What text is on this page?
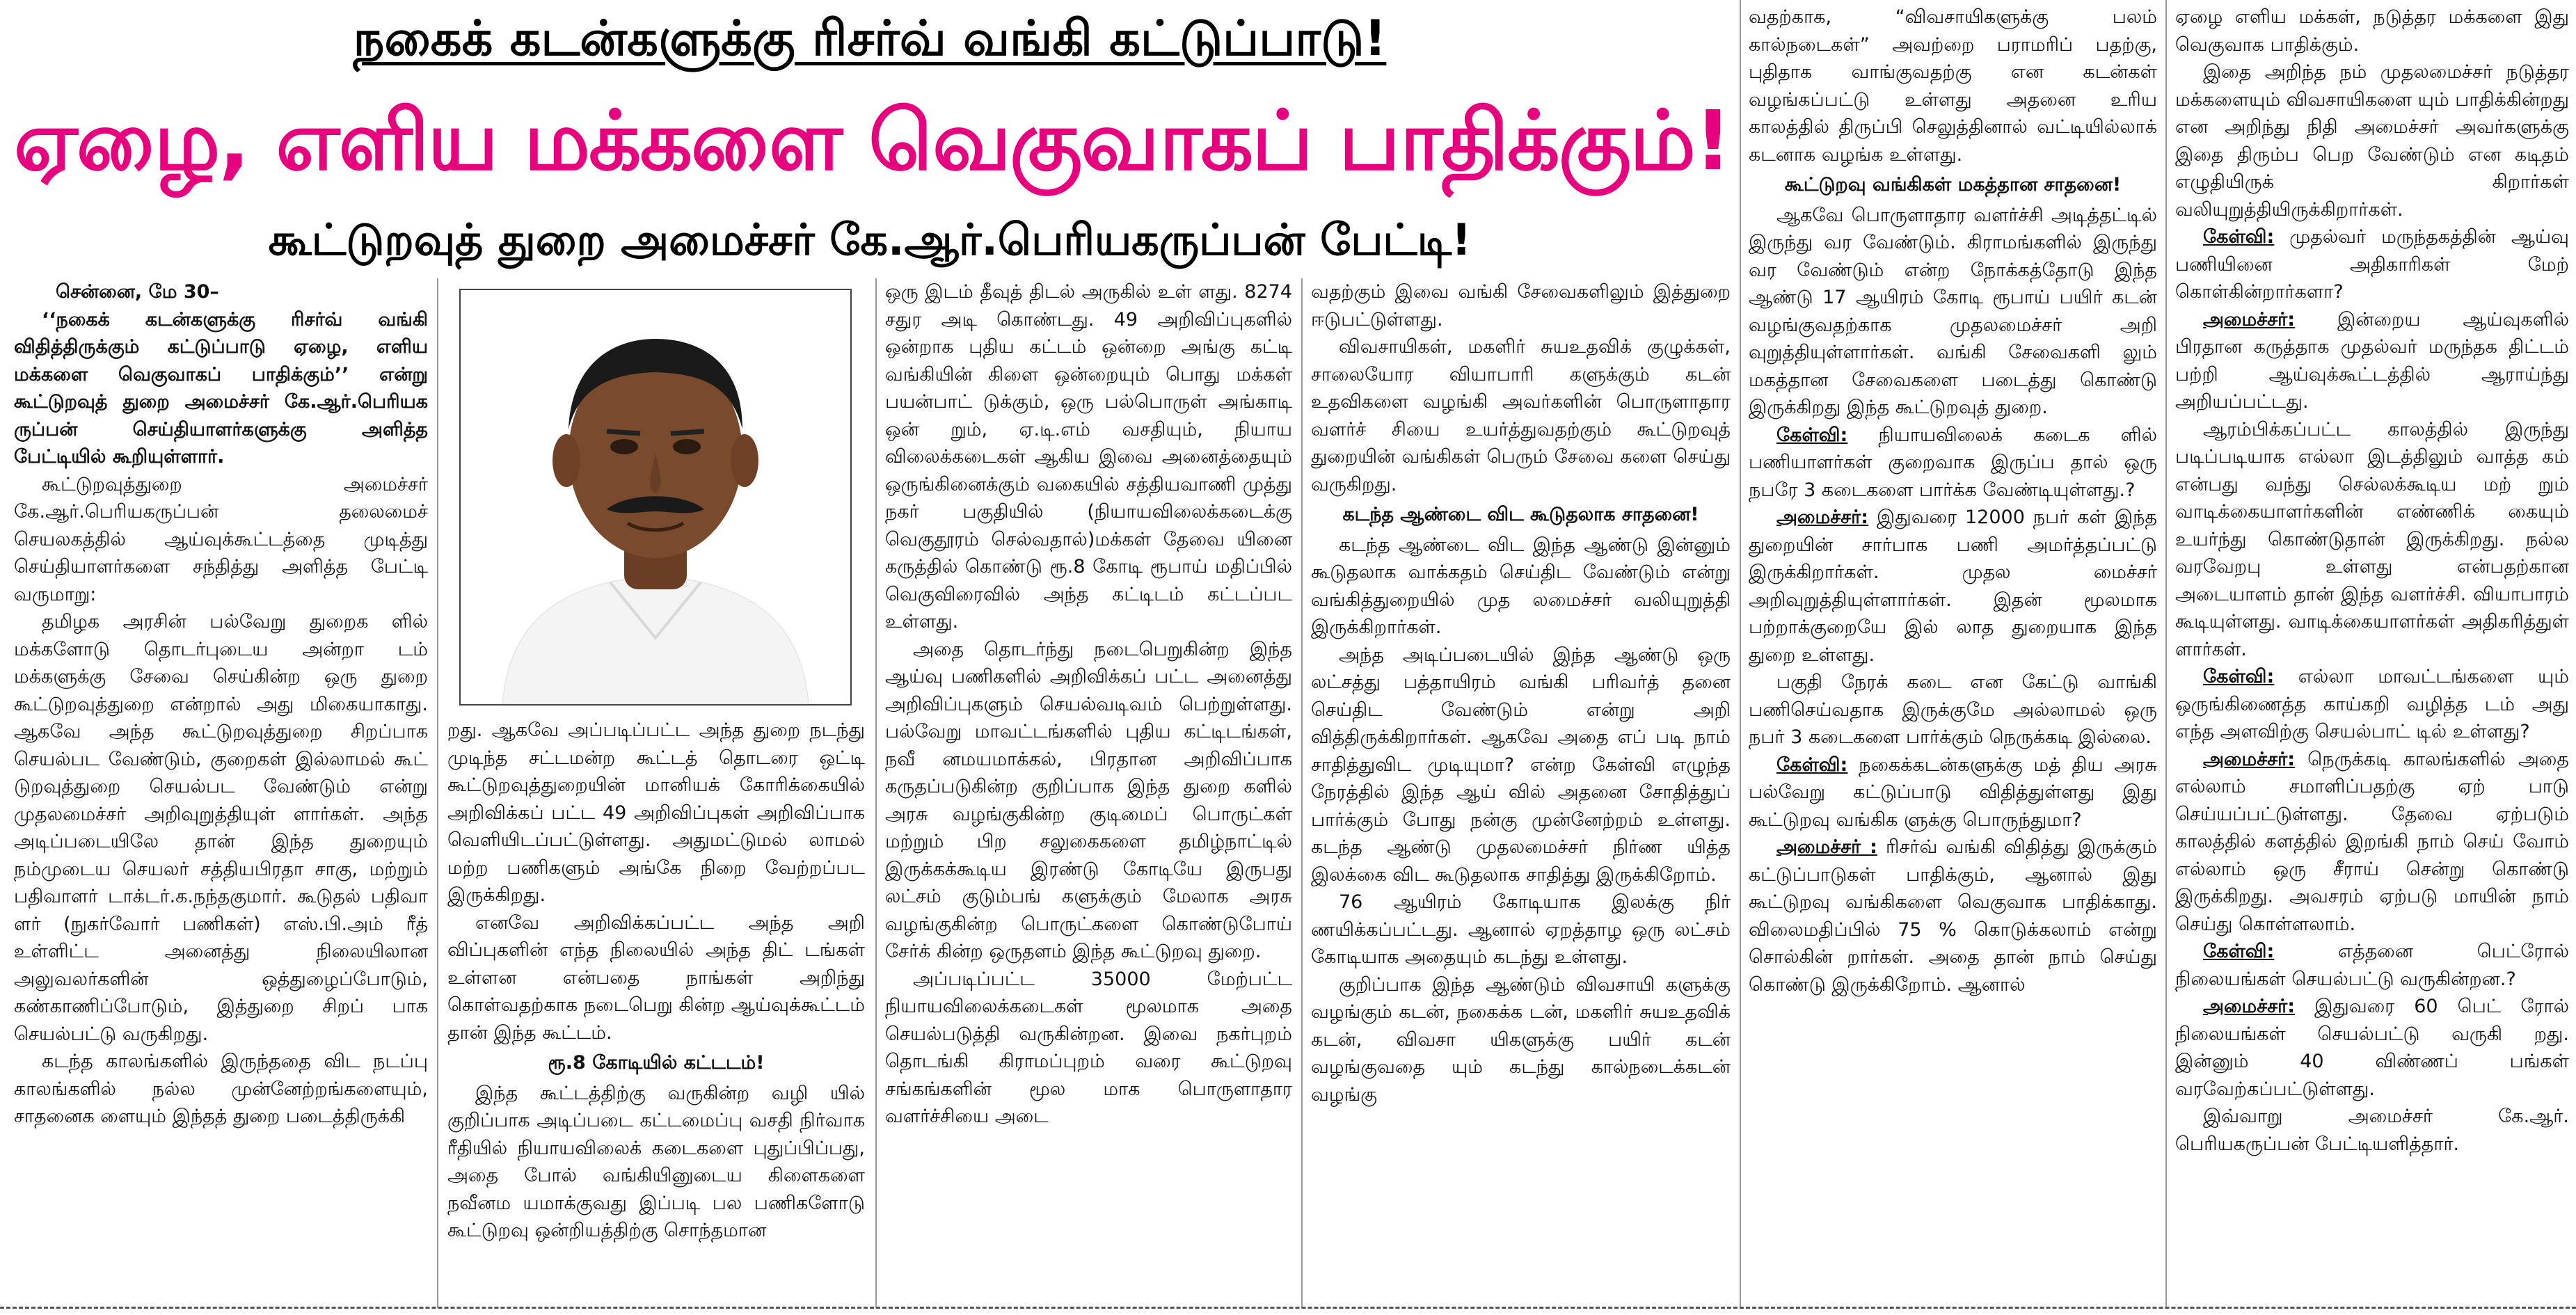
நகைக் கடன்களுக்கு ரிசர்வ் வங்கி கட்டுப்பாடு!
ஏழை, எளிய மக்களை வெகுவாகப் பாதிக்கும்!
கூட்டுறவுத் துறை அமைச்சர் கே.ஆர்.பெரியகருப்பன் பேட்டி!

சென்னை, மே 30–

‘‘நகைக் கடன்களுக்கு ரிசர்வ் வங்கி விதித்திருக்கும் கட்டுப்பாடு ஏழை, எளிய மக்களை வெகுவாகப் பாதிக்கும்’’ என்று கூட்டுறவுத் துறை அமைச்சர் கே.ஆர்.பெரியக ருப்பன் செய்தியாளர்களுக்கு அளித்த பேட்டியில் கூறியுள்ளார்.

கூட்டுறவுத்துறை அமைச்சர் கே.ஆர்.பெரியகருப்பன் தலைமைச் செயலகத்தில் ஆய்வுக்கூட்டத்தை முடித்து செய்தியாளர்களை சந்தித்து அளித்த பேட்டி வருமாறு:

தமிழக அரசின் பல்வேறு துறைக ளில் மக்களோடு தொடர்புடைய அன்றா டம் மக்களுக்கு சேவை செய்கின்ற ஒரு துறை கூட்டுறவுத்துறை என்றால் அது மிகையாகாது. ஆகவே அந்த கூட்டுறவுத்துறை சிறப்பாக செயல்பட வேண்டும், குறைகள் இல்லாமல் கூட் டுறவுத்துறை செயல்பட வேண்டும் என்று முதலமைச்சர் அறிவுறுத்தியுள் ளார்கள். அந்த அடிப்படையிலே தான் இந்த துறையும் நம்முடைய செயலர் சத்தியபிரதா சாகு, மற்றும் பதிவாளர் டாக்டர்.க.நந்தகுமார். கூடுதல் பதிவா ளர் (நுகர்வோர் பணிகள்) எஸ்.பி.அம் ரீத் உள்ளிட்ட அனைத்து நிலையிலான அலுவலர்களின் ஒத்துழைப்போடும், கண்காணிப்போடும், இத்துறை சிறப் பாக செயல்பட்டு வருகிறது.

கடந்த காலங்களில் இருந்ததை விட நடப்பு காலங்களில் நல்ல முன்னேற்றங்களையும், சாதனைக ளையும் இந்தத் துறை படைத்திருக்கி

றது. ஆகவே அப்படிப்பட்ட அந்த துறை நடந்து முடிந்த சட்டமன்ற கூட்டத் தொடரை ஒட்டி கூட்டுறவுத்துறையின் மானியக் கோரிக்கையில் அறிவிக்கப் பட்ட 49 அறிவிப்புகள் அறிவிப்பாக வெளியிடப்பட்டுள்ளது. அதுமட்டுமல் லாமல் மற்ற பணிகளும் அங்கே நிறை வேற்றப்பட இருக்கிறது.

எனவே அறிவிக்கப்பட்ட அந்த அறி விப்புகளின் எந்த நிலையில் அந்த திட் டங்கள் உள்ளன என்பதை நாங்கள் அறிந்து கொள்வதற்காக நடைபெறு கின்ற ஆய்வுக்கூட்டம் தான் இந்த கூட்டம்.

ரூ.8 கோடியில் கட்டடம்!

இந்த கூட்டத்திற்கு வருகின்ற வழி யில் குறிப்பாக அடிப்படை கட்டமைப்பு வசதி நிர்வாக ரீதியில் நியாயவிலைக் கடைகளை புதுப்பிப்பது, அதை போல் வங்கியினுடைய கிளைகளை நவீனம யமாக்குவது இப்படி பல பணிகளோடு கூட்டுறவு ஒன்றியத்திற்கு சொந்தமான

ஒரு இடம் தீவுத் திடல் அருகில் உள் ளது. 8274 சதுர அடி கொண்டது. 49 அறிவிப்புகளில் ஒன்றாக புதிய கட்டம் ஒன்றை அங்கு கட்டி வங்கியின் கிளை ஒன்றையும் பொது மக்கள் பயன்பாட் டுக்கும், ஒரு பல்பொருள் அங்காடி ஒன் றும், ஏ.டி.எம் வசதியும், நியாய விலைக்கடைகள் ஆகிய இவை அனைத்தையும் ஒருங்கினைக்கும் வகையில் சத்தியவாணி முத்து நகர் பகுதியில் (நியாயவிலைக்கடைக்கு வெகுதூரம் செல்வதால்)மக்கள் தேவை யினை கருத்தில் கொண்டு ரூ.8 கோடி ரூபாய் மதிப்பில் வெகுவிரைவில் அந்த கட்டிடம் கட்டப்பட உள்ளது.

அதை தொடர்ந்து நடைபெறுகின்ற இந்த ஆய்வு பணிகளில் அறிவிக்கப் பட்ட அனைத்து அறிவிப்புகளும் செயல்வடிவம் பெற்றுள்ளது. பல்வேறு மாவட்டங்களில் புதிய கட்டிடங்கள், நவீ னமயமாக்கல், பிரதான அறிவிப்பாக கருதப்படுகின்ற குறிப்பாக இந்த துறை களில் அரசு வழங்குகின்ற குடிமைப் பொருட்கள் மற்றும் பிற சலுகைகளை தமிழ்நாட்டில் இருக்கக்கூடிய இரண்டு கோடியே இருபது லட்சம் குடும்பங் களுக்கும் மேலாக அரசு வழங்குகின்ற பொருட்களை கொண்டுபோய் சேர்க் கின்ற ஒருதளம் இந்த கூட்டுறவு துறை.

அப்படிப்பட்ட 35000 மேற்பட்ட நியாயவிலைக்கடைகள் மூலமாக அதை செயல்படுத்தி வருகின்றன. இவை நகர்புறம் தொடங்கி கிராமப்புறம் வரை கூட்டுறவு சங்கங்களின் மூல மாக பொருளாதார வளர்ச்சியை அடை

வதற்கும் இவை வங்கி சேவைகளிலும் இத்துறை ஈடுபட்டுள்ளது.

விவசாயிகள், மகளிர் சுயஉதவிக் குழுக்கள், சாலையோர வியாபாரி களுக்கும் கடன் உதவிகளை வழங்கி அவர்களின் பொருளாதார வளர்ச் சியை உயர்த்துவதற்கும் கூட்டுறவுத் துறையின் வங்கிகள் பெரும் சேவை களை செய்து வருகிறது.

கடந்த ஆண்டை விட கூடுதலாக சாதனை!

கடந்த ஆண்டை விட இந்த ஆண்டு இன்னும் கூடுதலாக வாக்கதம் செய்திட வேண்டும் என்று வங்கித்துறையில் முத லமைச்சர் வலியுறுத்தி இருக்கிறார்கள்.

அந்த அடிப்படையில் இந்த ஆண்டு ஒரு லட்சத்து பத்தாயிரம் வங்கி பரிவர்த் தனை செய்திட வேண்டும் என்று அறி வித்திருக்கிறார்கள். ஆகவே அதை எப் படி நாம் சாதித்துவிட முடியுமா? என்ற கேள்வி எழுந்த நேரத்தில் இந்த ஆய் வில் அதனை சோதித்துப் பார்க்கும் போது நன்கு முன்னேற்றம் உள்ளது. கடந்த ஆண்டு முதலமைச்சர் நிர்ண யித்த இலக்கை விட கூடுதலாக சாதித்து இருக்கிறோம்.

76 ஆயிரம் கோடியாக இலக்கு நிர் ணயிக்கப்பட்டது. ஆனால் ஏறத்தாழ ஒரு லட்சம் கோடியாக அதையும் கடந்து உள்ளது.

குறிப்பாக இந்த ஆண்டும் விவசாயி களுக்கு வழங்கும் கடன், நகைக்க டன், மகளிர் சுயஉதவிக் கடன், விவசா யிகளுக்கு பயிர் கடன் வழங்குவதை யும் கடந்து கால்நடைக்கடன் வழங்கு

வதற்காக, “விவசாயிகளுக்கு பலம் கால்நடைகள்” அவற்றை பராமரிப் பதற்கு, புதிதாக வாங்குவதற்கு என கடன்கள் வழங்கப்பட்டு உள்ளது அதனை உரிய காலத்தில் திருப்பி செலுத்தினால் வட்டியில்லாக் கடனாக வழங்க உள்ளது.

கூட்டுறவு வங்கிகள் மகத்தான சாதனை!

ஆகவே பொருளாதார வளர்ச்சி அடித்தட்டில் இருந்து வர வேண்டும். கிராமங்களில் இருந்து வர வேண்டும் என்ற நோக்கத்தோடு இந்த ஆண்டு 17 ஆயிரம் கோடி ரூபாய் பயிர் கடன் வழங்குவதற்காக முதலமைச்சர் அறி வுறுத்தியுள்ளார்கள். வங்கி சேவைகளி லும் மகத்தான சேவைகளை படைத்து கொண்டு இருக்கிறது இந்த கூட்டுறவுத் துறை.

கேள்வி: நியாயவிலைக் கடைக ளில் பணியாளர்கள் குறைவாக இருப்ப தால் ஒரு நபரே 3 கடைகளை பார்க்க வேண்டியுள்ளது.?

அமைச்சர்: இதுவரை 12000 நபர் கள் இந்த துறையின் சார்பாக பணி அமர்த்தப்பட்டு இருக்கிறார்கள். முதல மைச்சர் அறிவுறுத்தியுள்ளார்கள். இதன் மூலமாக பற்றாக்குறையே இல் லாத துறையாக இந்த துறை உள்ளது.

பகுதி நேரக் கடை என கேட்டு வாங்கி பணிசெய்வதாக இருக்குமே அல்லாமல் ஒரு நபர் 3 கடைகளை பார்க்கும் நெருக்கடி இல்லை.

கேள்வி: நகைக்கடன்களுக்கு மத் திய அரசு பல்வேறு கட்டுப்பாடு விதித்துள்ளது இது கூட்டுறவு வங்கிக ளுக்கு பொருந்துமா?

அமைச்சர் : ரிசர்வ் வங்கி விதித்து இருக்கும் கட்டுப்பாடுகள் பாதிக்கும், ஆனால் இது கூட்டுறவு வங்கிகளை வெகுவாக பாதிக்காது. விலைமதிப்பில் 75 % கொடுக்கலாம் என்று சொல்கின் றார்கள். அதை தான் நாம் செய்து கொண்டு இருக்கிறோம். ஆனால்

ஏழை எளிய மக்கள், நடுத்தர மக்களை இது வெகுவாக பாதிக்கும்.

இதை அறிந்த நம் முதலமைச்சர் நடுத்தர மக்களையும் விவசாயிகளை யும் பாதிக்கின்றது என அறிந்து நிதி அமைச்சர் அவர்களுக்கு இதை திரும்ப பெற வேண்டும் என கடிதம் எழுதியிருக் கிறார்கள் வலியுறுத்தியிருக்கிறார்கள்.

கேள்வி: முதல்வர் மருந்தகத்தின் ஆய்வு பணியினை அதிகாரிகள் மேற் கொள்கின்றார்களா?

அமைச்சர்: இன்றைய ஆய்வுகளில் பிரதான கருத்தாக முதல்வர் மருந்தக திட்டம் பற்றி ஆய்வுக்கூட்டத்தில் ஆராய்ந்து அறியப்பட்டது.

ஆரம்பிக்கப்பட்ட காலத்தில் இருந்து படிப்படியாக எல்லா இடத்திலும் வாத்த கம் என்பது வந்து செல்லக்கூடிய மற் றும் வாடிக்கையாளர்களின் எண்ணிக் கையும் உயர்ந்து கொண்டுதான் இருக்கிறது. நல்ல வரவேறபு உள்ளது என்பதற்கான அடையாளம் தான் இந்த வளர்ச்சி. வியாபாரம் கூடியுள்ளது. வாடிக்கையாளர்கள் அதிகரித்துள் ளார்கள்.

கேள்வி: எல்லா மாவட்டங்களை யும் ஒருங்கிணைத்த காய்கறி வழித்த டம் அது எந்த அளவிற்கு செயல்பாட் டில் உள்ளது?

அமைச்சர்: நெருக்கடி காலங்களில் அதை எல்லாம் சமாளிப்பதற்கு ஏற் பாடு செய்யப்பட்டுள்ளது. தேவை ஏற்படும் காலத்தில் களத்தில் இறங்கி நாம் செய் வோம் எல்லாம் ஒரு சீராய் சென்று கொண்டு இருக்கிறது. அவசரம் ஏற்படு மாயின் நாம் செய்து கொள்ளலாம்.

கேள்வி:	எத்தனை பெட்ரோல் நிலையங்கள் செயல்பட்டு வருகின்றன.?

அமைச்சர்: இதுவரை 60 பெட் ரோல் நிலையங்கள் செயல்பட்டு வருகி றது. இன்னும் 40 விண்ணப் பங்கள் வரவேற்கப்பட்டுள்ளது.

இவ்வாறு அமைச்சர் கே.ஆர். பெரியகருப்பன் பேட்டியளித்தார்.
